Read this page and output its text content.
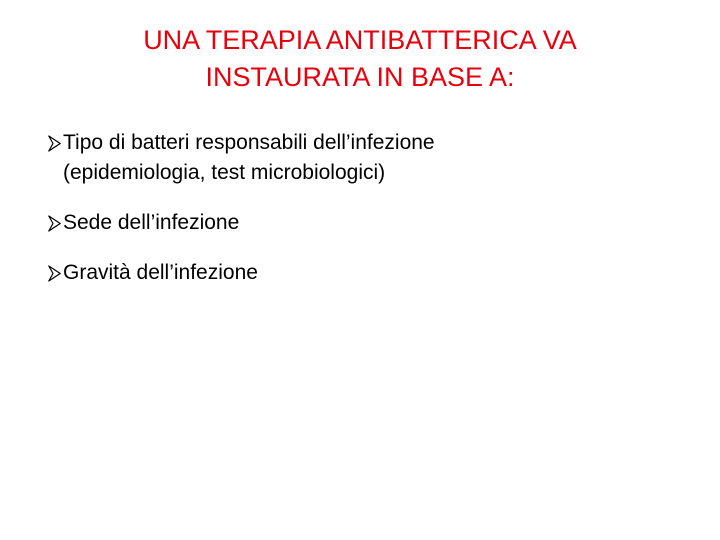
UNA TERAPIA ANTIBATTERICA VA
INSTAURATA IN BASE A:
Tipo di batteri responsabili dell’infezione
(epidemiologia, test microbiologici)
Sede dell’infezione
Gravità dell’infezione
